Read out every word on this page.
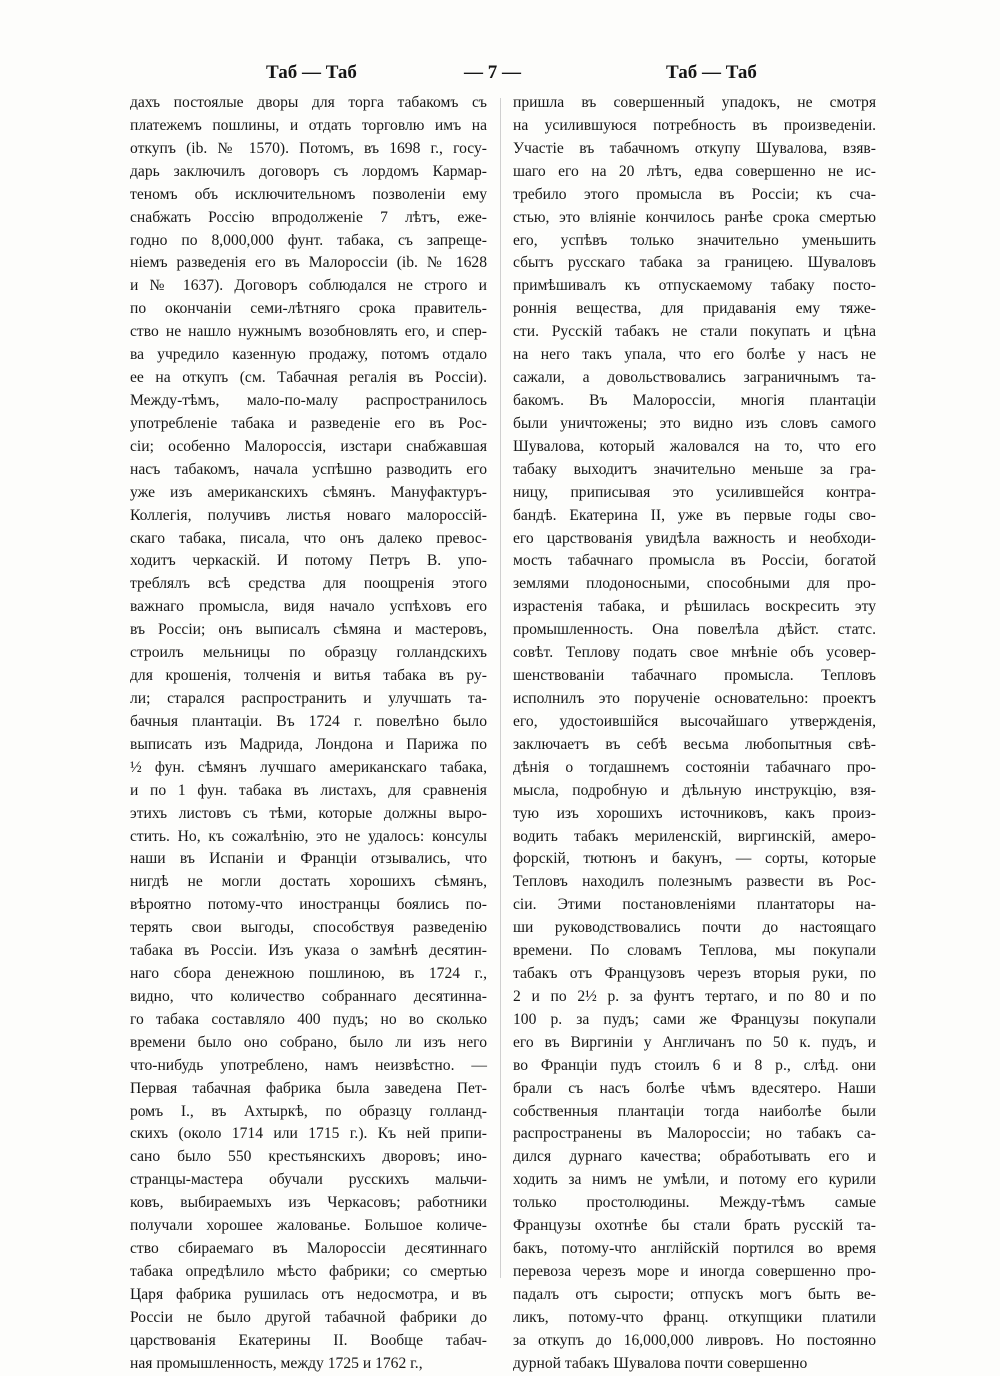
Таб — Таб	— 7 —	Таб — Таб
дахъ постоялые дворы для торга табакомъ съ
платежемъ пошлины, и отдать торговлю имъ на
откупъ (ib. № 1570). Потомъ, въ 1698 г., госу-
дарь заключилъ договоръ съ лордомъ Кармар-
теномъ объ исключительномъ позволеніи ему
снабжать Россію впродолженіе 7 лѣтъ, еже-
годно по 8,000,000 фунт. табака, съ запреще-
ніемъ разведенія его въ Малороссіи (ib. № 1628
и № 1637). Договоръ соблюдался не строго и
по окончаніи семи-лѣтняго срока правитель-
ство не нашло нужнымъ возобновлять его, и спер-
ва учредило казенную продажу, потомъ отдало
ее на откупъ (см. Табачная регалія въ Россіи).
Между-тѣмъ, мало-по-малу распространилось
употребленіе табака и разведеніе его въ Рос-
сіи; особенно Малороссія, изстари снабжавшая
насъ табакомъ, начала успѣшно разводить его
уже изъ американскихъ сѣмянъ. Мануфактуръ-
Коллегія, получивъ листья новаго малороссій-
скаго табака, писала, что онъ далеко превос-
ходитъ черкаскій. И потому Петръ В. упо-
треблялъ всѣ средства для поощренія этого
важнаго промысла, видя начало успѣховъ его
въ Россіи; онъ выписалъ сѣмяна и мастеровъ,
строилъ мельницы по образцу голландскихъ
для крошенія, толченія и витья табака въ ру-
ли; старался распространить и улучшать та-
бачныя плантаціи. Въ 1724 г. повелѣно было
выписать изъ Мадрида, Лондона и Парижа по
½ фун. сѣмянъ лучшаго американскаго табака,
и по 1 фун. табака въ листахъ, для сравненія
этихъ листовъ съ тѣми, которые должны выро-
стить. Но, къ сожалѣнію, это не удалось: консулы
наши въ Испаніи и Франціи отзывались, что
нигдѣ не могли достать хорошихъ сѣмянъ,
вѣроятно потому-что иностранцы боялись по-
терять свои выгоды, способствуя разведенію
табака въ Россіи. Изъ указа о замѣнѣ десятин-
наго сбора денежною пошлиною, въ 1724 г.,
видно, что количество собраннаго десятинна-
го табака составляло 400 пудъ; но во сколько
времени было оно собрано, было ли изъ него
что-нибудь употреблено, намъ неизвѣстно. —
Первая табачная фабрика была заведена Пет-
ромъ І., въ Ахтыркѣ, по образцу голланд-
скихъ (около 1714 или 1715 г.). Къ ней припи-
сано было 550 крестьянскихъ дворовъ; ино-
странцы-мастера обучали русскихъ мальчи-
ковъ, выбираемыхъ изъ Черкасовъ; работники
получали хорошее жалованье. Большое количе-
ство сбираемаго въ Малороссіи десятиннаго
табака опредѣлило мѣсто фабрики; со смертью
Царя фабрика рушилась отъ недосмотра, и въ
Россіи не было другой табачной фабрики до
царствованія Екатерины II. Вообще табач-
ная промышленность, между 1725 и 1762 г.,
пришла въ совершенный упадокъ, не смотря
на усилившуюся потребность въ произведеніи.
Участіе въ табачномъ откупу Шувалова, взяв-
шаго его на 20 лѣтъ, едва совершенно не ис-
требило этого промысла въ Россіи; къ сча-
стью, это вліяніе кончилось ранѣе срока смертью
его, успѣвъ только значительно уменьшить
сбытъ русскаго табака за границею. Шуваловъ
примѣшивалъ къ отпускаемому табаку посто-
роннія вещества, для придаванія ему тяже-
сти. Русскій табакъ не стали покупать и цѣна
на него такъ упала, что его болѣе у насъ не
сажали, а довольствовались заграничнымъ та-
бакомъ. Въ Малороссіи, многія плантаціи
были уничтожены; это видно изъ словъ самого
Шувалова, который жаловался на то, что его
табаку выходитъ значительно меньше за гра-
ницу, приписывая это усилившейся контра-
бандѣ. Екатерина II, уже въ первые годы сво-
его царствованія увидѣла важность и необходи-
мость табачнаго промысла въ Россіи, богатой
землями плодоносными, способными для про-
израстенія табака, и рѣшилась воскресить эту
промышленность. Она повелѣла дѣйст. статс.
совѣт. Теплову подать свое мнѣніе объ усовер-
шенствованіи табачнаго промысла. Тепловъ
исполнилъ это порученіе основательно: проектъ
его, удостоившійся высочайшаго утвержденія,
заключаетъ въ себѣ весьма любопытныя свѣ-
дѣнія о тогдашнемъ состояніи табачнаго про-
мысла, подробную и дѣльную инструкцію, взя-
тую изъ хорошихъ источниковъ, какъ произ-
водить табакъ мериленскій, виргинскій, амеро-
форскій, тютюнъ и бакунъ, — сорты, которые
Тепловъ находилъ полезнымъ развести въ Рос-
сіи. Этими постановленіями плантаторы на-
ши руководствовались почти до настоящаго
времени. По словамъ Теплова, мы покупали
табакъ отъ Французовъ черезъ вторыя руки, по
2 и по 2½ р. за фунтъ тертаго, и по 80 и по
100 р. за пудъ; сами же Французы покупали
его въ Виргиніи у Англичанъ по 50 к. пудъ, и
во Франціи пудъ стоилъ 6 и 8 р., слѣд. они
брали съ насъ болѣе чѣмъ вдесятеро. Наши
собственныя плантаціи тогда наиболѣе были
распространены въ Малороссіи; но табакъ са-
дился дурнаго качества; обработывать его и
ходить за нимъ не умѣли, и потому его курили
только простолюдины. Между-тѣмъ самые
Французы охотнѣе бы стали брать русскій та-
бакъ, потому-что англійскій портился во время
перевоза черезъ море и иногда совершенно про-
падалъ отъ сырости; отпускъ могъ быть ве-
ликъ, потому-что франц. откупщики платили
за откупъ до 16,000,000 ливровъ. Но постоянно
дурной табакъ Шувалова почти совершенно
